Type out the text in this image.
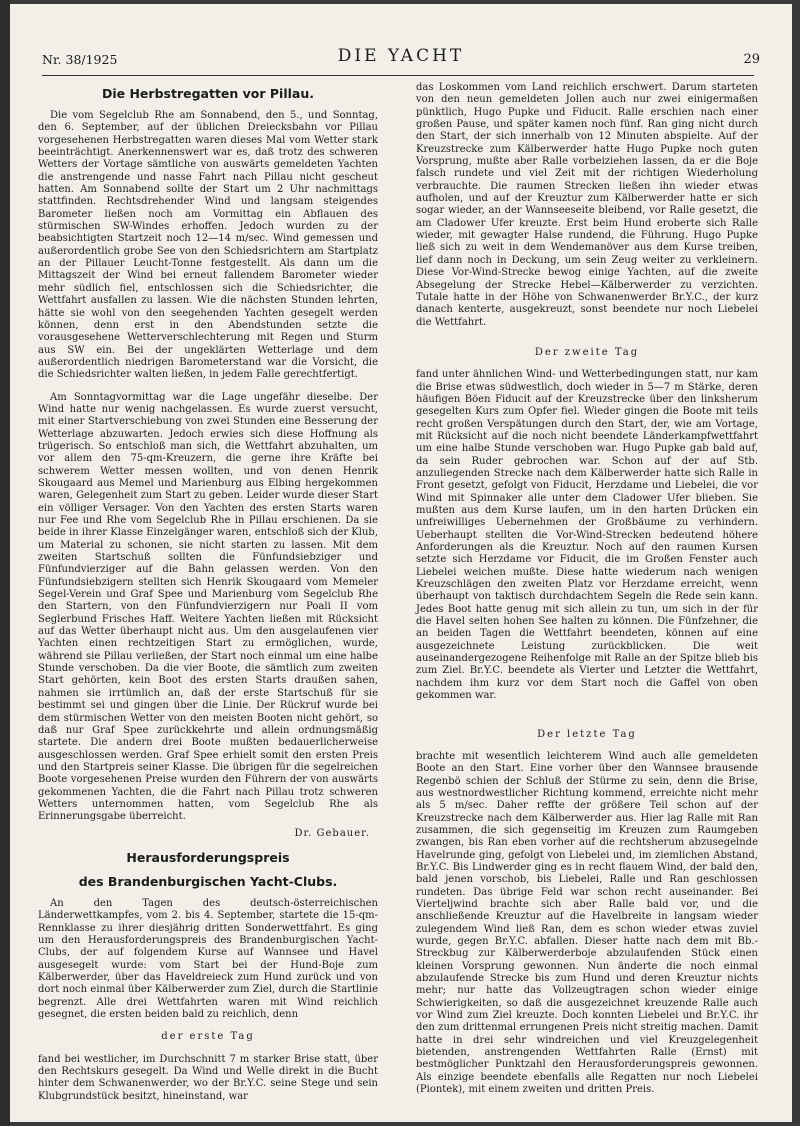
Nr. 38/1925	DIE YACHT	29
Die Herbstregatten vor Pillau.

Die vom Segelclub Rhe am Sonnabend, den 5., und Sonntag, den 6. September, auf der üblichen Dreiecksbahn vor Pillau vorgesehenen Herbstregatten waren dieses Mal vom Wetter stark beeinträchtigt. Anerkennenswert war es, daß trotz des schweren Wetters der Vortage sämtliche von auswärts gemeldeten Yachten die anstrengende und nasse Fahrt nach Pillau nicht gescheut hatten. Am Sonnabend sollte der Start um 2 Uhr nachmittags stattfinden. Rechtsdrehender Wind und langsam steigendes Barometer ließen noch am Vormittag ein Abflauen des stürmischen SW-Windes erhoffen. Jedoch wurden zu der beabsichtigten Startzeit noch 12—14 m/sec. Wind gemessen und außerordentlich grobe See von den Schiedsrichtern am Startplatz an der Pillauer Leucht-Tonne festgestellt. Als dann um die Mittagszeit der Wind bei erneut fallendem Barometer wieder mehr südlich fiel, entschlossen sich die Schiedsrichter, die Wettfahrt ausfallen zu lassen. Wie die nächsten Stunden lehrten, hätte sie wohl von den seegehenden Yachten gesegelt werden können, denn erst in den Abendstunden setzte die vorausgesehene Wetterverschlechterung mit Regen und Sturm aus SW ein. Bei der ungeklärten Wetterlage und dem außerordentlich niedrigen Barometerstand war die Vorsicht, die die Schiedsrichter walten ließen, in jedem Falle gerechtfertigt.

Am Sonntagvormittag war die Lage ungefähr dieselbe. Der Wind hatte nur wenig nachgelassen. Es wurde zuerst versucht, mit einer Startverschiebung von zwei Stunden eine Besserung der Wetterlage abzuwarten. Jedoch erwies sich diese Hoffnung als trügerisch. So entschloß man sich, die Wettfahrt abzuhalten, um vor allem den 75-qm-Kreuzern, die gerne ihre Kräfte bei schwerem Wetter messen wollten, und von denen Henrik Skougaard aus Memel und Marienburg aus Elbing hergekommen waren, Gelegenheit zum Start zu geben. Leider wurde dieser Start ein völliger Versager. Von den Yachten des ersten Starts waren nur Fee und Rhe vom Segelclub Rhe in Pillau erschienen. Da sie beide in ihrer Klasse Einzelgänger waren, entschloß sich der Klub, um Material zu schonen, sie nicht starten zu lassen. Mit dem zweiten Startschuß sollten die Fünfundsiebziger und Fünfundvierziger auf die Bahn gelassen werden. Von den Fünfundsiebzigern stellten sich Henrik Skougaard vom Memeler Segel-Verein und Graf Spee und Marienburg vom Segelclub Rhe den Startern, von den Fünfundvierzigern nur Poali II vom Seglerbund Frisches Haff. Weitere Yachten ließen mit Rücksicht auf das Wetter überhaupt nicht aus. Um den ausgelaufenen vier Yachten einen rechtzeitigen Start zu ermöglichen, wurde, während sie Pillau verließen, der Start noch einmal um eine halbe Stunde verschoben. Da die vier Boote, die sämtlich zum zweiten Start gehörten, kein Boot des ersten Starts draußen sahen, nahmen sie irrtümlich an, daß der erste Startschuß für sie bestimmt sei und gingen über die Linie. Der Rückruf wurde bei dem stürmischen Wetter von den meisten Booten nicht gehört, so daß nur Graf Spee zurückkehrte und allein ordnungsmäßig startete. Die andern drei Boote mußten bedauerlicherweise ausgeschlossen werden. Graf Spee erhielt somit den ersten Preis und den Startpreis seiner Klasse. Die übrigen für die segelreichen Boote vorgesehenen Preise wurden den Führern der von auswärts gekommenen Yachten, die die Fahrt nach Pillau trotz schweren Wetters unternommen hatten, vom Segelclub Rhe als Erinnerungsgabe überreicht.

Dr. Gebauer.
Herausforderungspreis
des Brandenburgischen Yacht-Clubs.

An den Tagen des deutsch-österreichischen Länderwettkampfes, vom 2. bis 4. September, startete die 15-qm-Rennklasse zu ihrer diesjährig dritten Sonderwettfahrt. Es ging um den Herausforderungspreis des Brandenburgischen Yacht-Clubs, der auf folgendem Kurse auf Wannsee und Havel ausgesegelt wurde: vom Start bei der Hund-Boje zum Kälberwerder, über das Haveldreieck zum Hund zurück und von dort noch einmal über Kälberwerder zum Ziel, durch die Startlinie begrenzt. Alle drei Wettfahrten waren mit Wind reichlich gesegnet, die ersten beiden bald zu reichlich, denn

der erste Tag

fand bei westlicher, im Durchschnitt 7 m starker Brise statt, über den Rechtskurs gesegelt. Da Wind und Welle direkt in die Bucht hinter dem Schwanenwerder, wo der Br.Y.C. seine Stege und sein Klubgrundstück besitzt, hineinstand, war

das Loskommen vom Land reichlich erschwert. Darum starteten von den neun gemeldeten Jollen auch nur zwei einigermaßen pünktlich, Hugo Pupke und Fiducit. Ralle erschien nach einer großen Pause, und später kamen noch fünf. Ran ging nicht durch den Start, der sich innerhalb von 12 Minuten abspielte. Auf der Kreuzstrecke zum Kälberwerder hatte Hugo Pupke noch guten Vorsprung, mußte aber Ralle vorbeiziehen lassen, da er die Boje falsch rundete und viel Zeit mit der richtigen Wiederholung verbrauchte. Die raumen Strecken ließen ihn wieder etwas aufholen, und auf der Kreuztur zum Kälberwerder hatte er sich sogar wieder, an der Wannseeseite bleibend, vor Ralle gesetzt, die am Cladower Ufer kreuzte. Erst beim Hund eroberte sich Ralle wieder, mit gewagter Halse rundend, die Führung. Hugo Pupke ließ sich zu weit in dem Wendemanöver aus dem Kurse treiben, lief dann noch in Deckung, um sein Zeug weiter zu verkleinern. Diese Vor-Wind-Strecke bewog einige Yachten, auf die zweite Absegelung der Strecke Hebel—Kälberwerder zu verzichten. Tutale hatte in der Höhe von Schwanenwerder Br.Y.C., der kurz danach kenterte, ausgekreuzt, sonst beendete nur noch Liebelei die Wettfahrt.

Der zweite Tag

fand unter ähnlichen Wind- und Wetterbedingungen statt, nur kam die Brise etwas südwestlich, doch wieder in 5—7 m Stärke, deren häufigen Böen Fiducit auf der Kreuzstrecke über den linksherum gesegelten Kurs zum Opfer fiel. Wieder gingen die Boote mit teils recht großen Verspätungen durch den Start, der, wie am Vortage, mit Rücksicht auf die noch nicht beendete Länderkampfwettfahrt um eine halbe Stunde verschoben war. Hugo Pupke gab bald auf, da sein Ruder gebrochen war. Schon auf der auf Stb. anzuliegenden Strecke nach dem Kälberwerder hatte sich Ralle in Front gesetzt, gefolgt von Fiducit, Herzdame und Liebelei, die vor Wind mit Spinnaker alle unter dem Cladower Ufer blieben. Sie mußten aus dem Kurse laufen, um in den harten Drücken ein unfreiwilliges Uebernehmen der Großbäume zu verhindern. Ueberhaupt stellten die Vor-Wind-Strecken bedeutend höhere Anforderungen als die Kreuztur. Noch auf den raumen Kursen setzte sich Herzdame vor Fiducit, die im Großen Fenster auch Liebelei weichen mußte. Diese hatte wiederum nach wenigen Kreuzschlägen den zweiten Platz vor Herzdame erreicht, wenn überhaupt von taktisch durchdachtem Segeln die Rede sein kann. Jedes Boot hatte genug mit sich allein zu tun, um sich in der für die Havel selten hohen See halten zu können. Die Fünfzehner, die an beiden Tagen die Wettfahrt beendeten, können auf eine ausgezeichnete Leistung zurückblicken. Die weit auseinandergezogene Reihenfolge mit Ralle an der Spitze blieb bis zum Ziel. Br.Y.C. beendete als Vierter und Letzter die Wettfahrt, nachdem ihm kurz vor dem Start noch die Gaffel von oben gekommen war.

Der letzte Tag

brachte mit wesentlich leichterem Wind auch alle gemeldeten Boote an den Start. Eine vorher über den Wannsee brausende Regenbö schien der Schluß der Stürme zu sein, denn die Brise, aus westnordwestlicher Richtung kommend, erreichte nicht mehr als 5 m/sec. Daher reffte der größere Teil schon auf der Kreuzstrecke nach dem Kälberwerder aus. Hier lag Ralle mit Ran zusammen, die sich gegenseitig im Kreuzen zum Raumgeben zwangen, bis Ran eben vorher auf die rechtsherum abzusegelnde Havelrunde ging, gefolgt von Liebelei und, im ziemlichen Abstand, Br.Y.C. Bis Lindwerder ging es in recht flauem Wind, der bald den, bald jenen vorschob, bis Liebelei, Ralle und Ran geschlossen rundeten. Das übrige Feld war schon recht auseinander. Bei Vierteljwind brachte sich aber Ralle bald vor, und die anschließende Kreuztur auf die Havelbreite in langsam wieder zulegendem Wind ließ Ran, dem es schon wieder etwas zuviel wurde, gegen Br.Y.C. abfallen. Dieser hatte nach dem mit Bb.-Streckbug zur Kälberwerderboje abzulaufenden Stück einen kleinen Vorsprung gewonnen. Nun änderte die noch einmal abzulaufende Strecke bis zum Hund und deren Kreuztur nichts mehr; nur hatte das Vollzeugtragen schon wieder einige Schwierigkeiten, so daß die ausgezeichnet kreuzende Ralle auch vor Wind zum Ziel kreuzte. Doch konnten Liebelei und Br.Y.C. ihr den zum drittenmal errungenen Preis nicht streitig machen. Damit hatte in drei sehr windreichen und viel Kreuzgelegenheit bietenden, anstrengenden Wettfahrten Ralle (Ernst) mit bestmöglicher Punktzahl den Herausforderungspreis gewonnen. Als einzige beendete ebenfalls alle Regatten nur noch Liebelei (Piontek), mit einem zweiten und dritten Preis.
